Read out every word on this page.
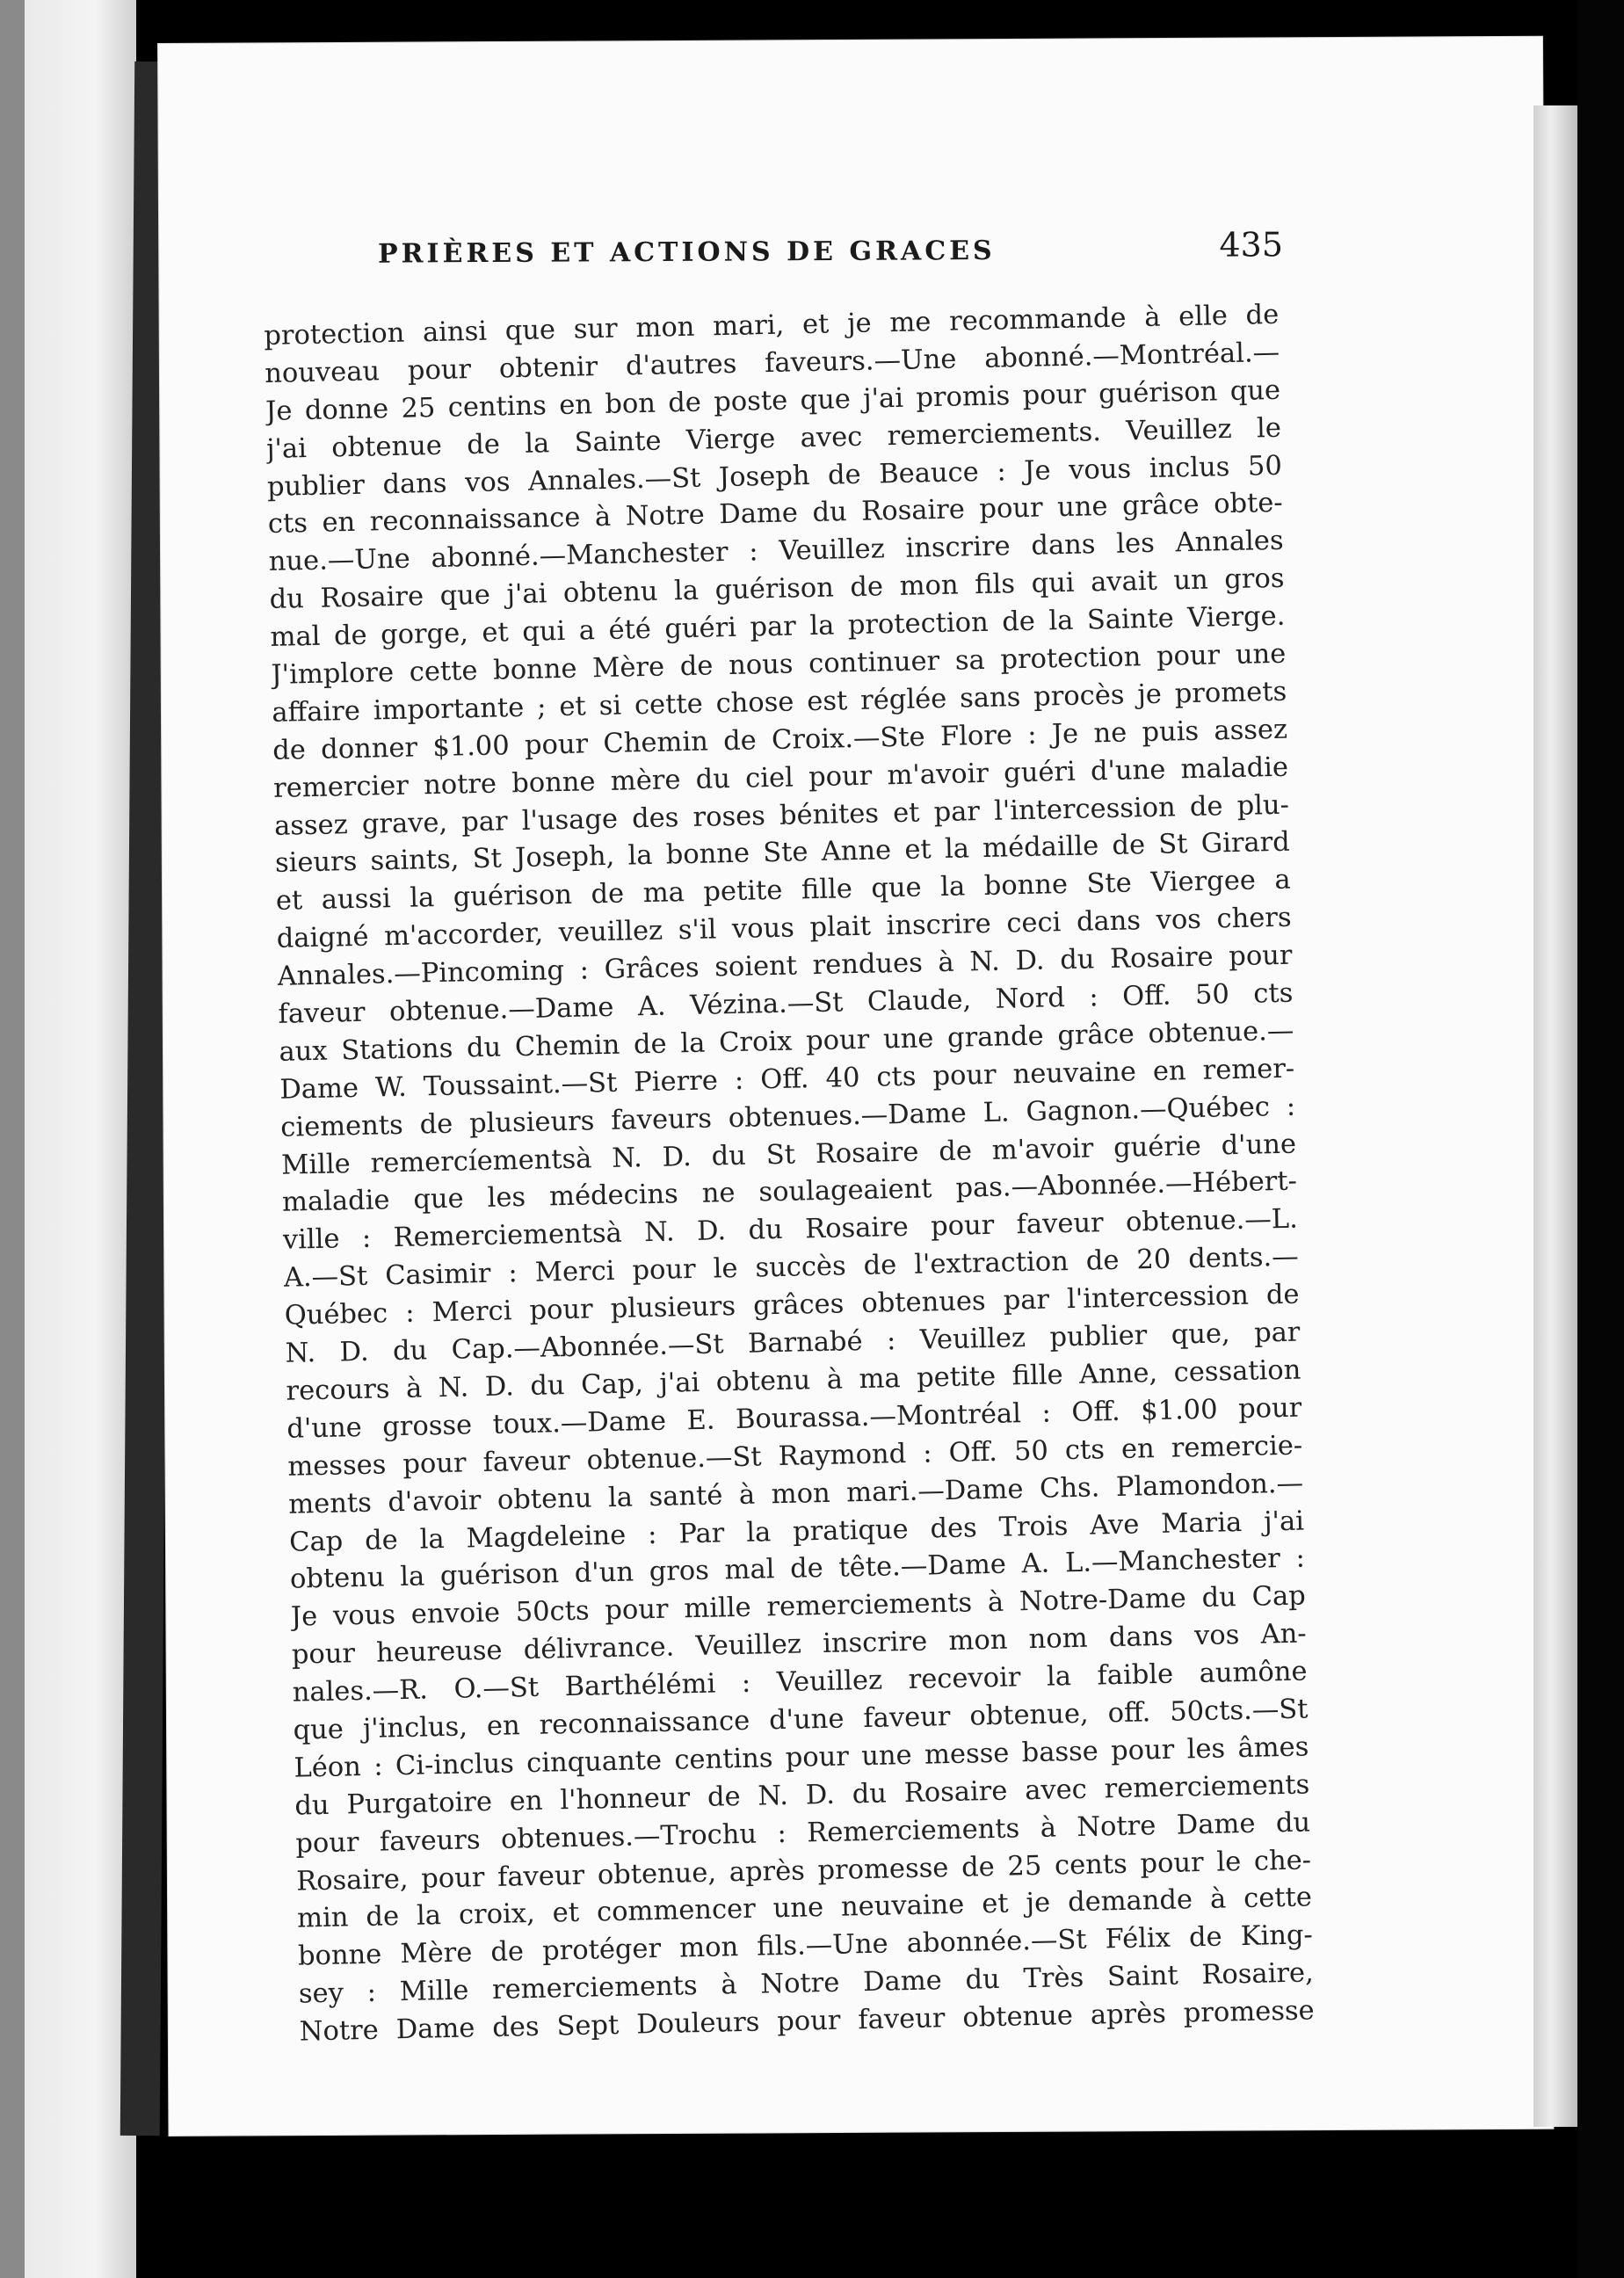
PRIÈRES ET ACTIONS DE GRACES	435
protection ainsi que sur mon mari, et je me recommande à elle de
nouveau pour obtenir d'autres faveurs.—Une abonné.—Montréal.—
Je donne 25 centins en bon de poste que j'ai promis pour guérison que
j'ai obtenue de la Sainte Vierge avec remerciements. Veuillez le
publier dans vos Annales.—St Joseph de Beauce : Je vous inclus 50
cts en reconnaissance à Notre Dame du Rosaire pour une grâce obte-
nue.—Une abonné.—Manchester : Veuillez inscrire dans les Annales
du Rosaire que j'ai obtenu la guérison de mon fils qui avait un gros
mal de gorge, et qui a été guéri par la protection de la Sainte Vierge.
J'implore cette bonne Mère de nous continuer sa protection pour une
affaire importante ; et si cette chose est réglée sans procès je promets
de donner $1.00 pour Chemin de Croix.—Ste Flore : Je ne puis assez
remercier notre bonne mère du ciel pour m'avoir guéri d'une maladie
assez grave, par l'usage des roses bénites et par l'intercession de plu-
sieurs saints, St Joseph, la bonne Ste Anne et la médaille de St Girard
et aussi la guérison de ma petite fille que la bonne Ste Viergee a
daigné m'accorder, veuillez s'il vous plait inscrire ceci dans vos chers
Annales.—Pincoming : Grâces soient rendues à N. D. du Rosaire pour
faveur obtenue.—Dame A. Vézina.—St Claude, Nord : Off. 50 cts
aux Stations du Chemin de la Croix pour une grande grâce obtenue.—
Dame W. Toussaint.—St Pierre : Off. 40 cts pour neuvaine en remer-
ciements de plusieurs faveurs obtenues.—Dame L. Gagnon.—Québec :
Mille remercíementsà N. D. du St Rosaire de m'avoir guérie d'une
maladie que les médecins ne soulageaient pas.—Abonnée.—Hébert-
ville : Remerciementsà N. D. du Rosaire pour faveur obtenue.—L.
A.—St Casimir : Merci pour le succès de l'extraction de 20 dents.—
Québec : Merci pour plusieurs grâces obtenues par l'intercession de
N. D. du Cap.—Abonnée.—St Barnabé : Veuillez publier que, par
recours à N. D. du Cap, j'ai obtenu à ma petite fille Anne, cessation
d'une grosse toux.—Dame E. Bourassa.—Montréal : Off. $1.00 pour
messes pour faveur obtenue.—St Raymond : Off. 50 cts en remercie-
ments d'avoir obtenu la santé à mon mari.—Dame Chs. Plamondon.—
Cap de la Magdeleine : Par la pratique des Trois Ave Maria j'ai
obtenu la guérison d'un gros mal de tête.—Dame A. L.—Manchester :
Je vous envoie 50cts pour mille remerciements à Notre-Dame du Cap
pour heureuse délivrance. Veuillez inscrire mon nom dans vos An-
nales.—R. O.—St Barthélémi : Veuillez recevoir la faible aumône
que j'inclus, en reconnaissance d'une faveur obtenue, off. 50cts.—St
Léon : Ci-inclus cinquante centins pour une messe basse pour les âmes
du Purgatoire en l'honneur de N. D. du Rosaire avec remerciements
pour faveurs obtenues.—Trochu : Remerciements à Notre Dame du
Rosaire, pour faveur obtenue, après promesse de 25 cents pour le che-
min de la croix, et commencer une neuvaine et je demande à cette
bonne Mère de protéger mon fils.—Une abonnée.—St Félix de King-
sey : Mille remerciements à Notre Dame du Très Saint Rosaire,
Notre Dame des Sept Douleurs pour faveur obtenue après promesse
